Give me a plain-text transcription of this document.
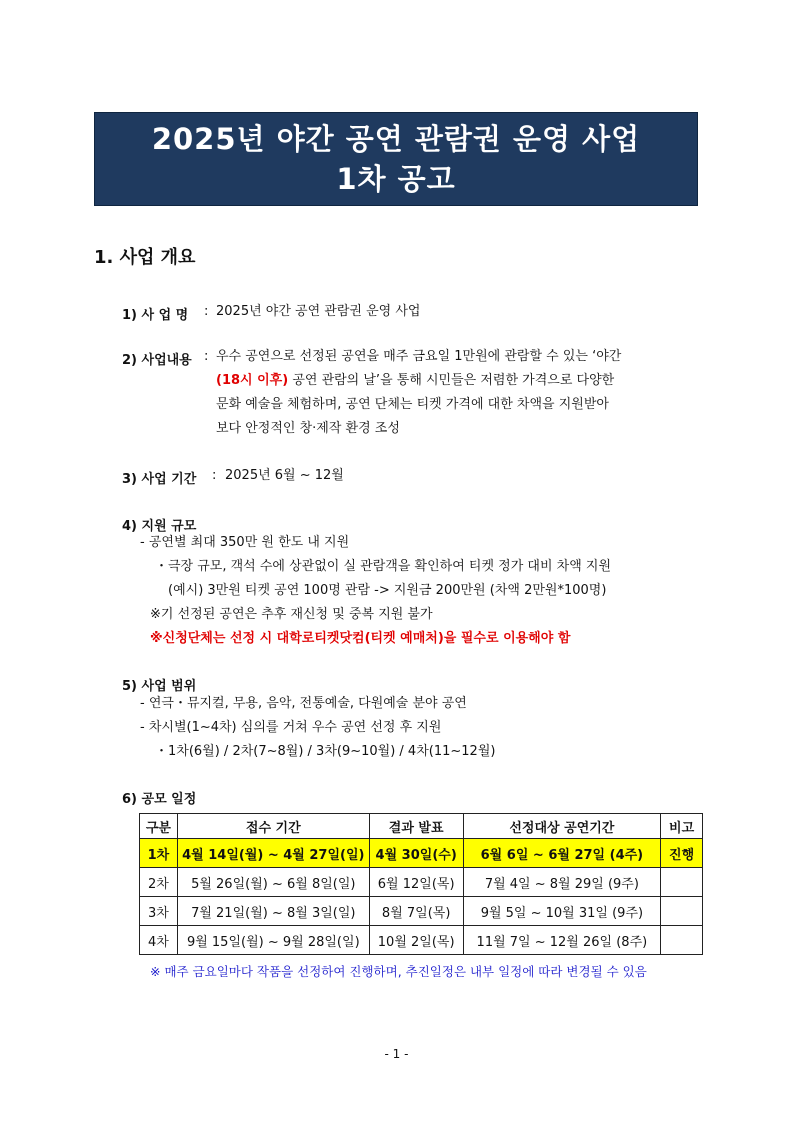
2025년 야간 공연 관람권 운영 사업
1차 공고
1. 사업 개요
1) 사 업 명 : 2025년 야간 공연 관람권 운영 사업
2) 사업내용 : 우수 공연으로 선정된 공연을 매주 금요일 1만원에 관람할 수 있는 ‘야간
(18시 이후) 공연 관람의 날’을 통해 시민들은 저렴한 가격으로 다양한
문화 예술을 체험하며, 공연 단체는 티켓 가격에 대한 차액을 지원받아
보다 안정적인 창·제작 환경 조성
3) 사업 기간 : 2025년 6월 ~ 12월
4) 지원 규모
- 공연별 최대 350만 원 한도 내 지원
・극장 규모, 객석 수에 상관없이 실 관람객을 확인하여 티켓 정가 대비 차액 지원
(예시) 3만원 티켓 공연 100명 관람 -> 지원금 200만원 (차액 2만원*100명)
※기 선정된 공연은 추후 재신청 및 중복 지원 불가
※신청단체는 선정 시 대학로티켓닷컴(티켓 예매처)을 필수로 이용해야 함
5) 사업 범위
- 연극・뮤지컬, 무용, 음악, 전통예술, 다원예술 분야 공연
- 차시별(1~4차) 심의를 거쳐 우수 공연 선정 후 지원
・1차(6월) / 2차(7~8월) / 3차(9~10월) / 4차(11~12월)
6) 공모 일정
구분	접수 기간	결과 발표	선정대상 공연기간	비고
1차	4월 14일(월) ~ 4월 27일(일)	4월 30일(수)	6월 6일 ~ 6월 27일 (4주)	진행
2차	5월 26일(월) ~ 6월 8일(일)	6월 12일(목)	7월 4일 ~ 8월 29일 (9주)	
3차	7월 21일(월) ~ 8월 3일(일)	8월 7일(목)	9월 5일 ~ 10월 31일 (9주)	
4차	9월 15일(월) ~ 9월 28일(일)	10월 2일(목)	11월 7일 ~ 12월 26일 (8주)	
※ 매주 금요일마다 작품을 선정하여 진행하며, 추진일정은 내부 일정에 따라 변경될 수 있음
- 1 -
